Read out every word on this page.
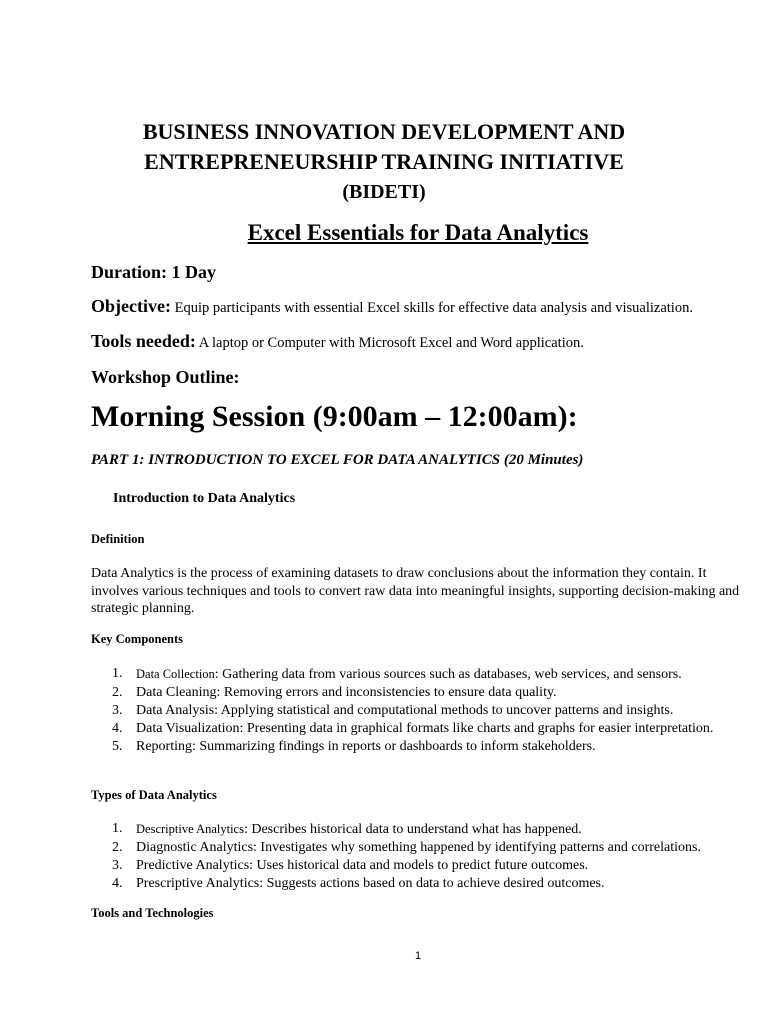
BUSINESS INNOVATION DEVELOPMENT AND
ENTREPRENEURSHIP TRAINING INITIATIVE
(BIDETI)
Excel Essentials for Data Analytics
Duration: 1 Day
Objective: Equip participants with essential Excel skills for effective data analysis and visualization.
Tools needed: A laptop or Computer with Microsoft Excel and Word application.
Workshop Outline:
Morning Session (9:00am – 12:00am):
PART 1: INTRODUCTION TO EXCEL FOR DATA ANALYTICS (20 Minutes)
Introduction to Data Analytics
Definition
Data Analytics is the process of examining datasets to draw conclusions about the information they contain. It involves various techniques and tools to convert raw data into meaningful insights, supporting decision-making and strategic planning.
Key Components
1. Data Collection: Gathering data from various sources such as databases, web services, and sensors.
2. Data Cleaning: Removing errors and inconsistencies to ensure data quality.
3. Data Analysis: Applying statistical and computational methods to uncover patterns and insights.
4. Data Visualization: Presenting data in graphical formats like charts and graphs for easier interpretation.
5. Reporting: Summarizing findings in reports or dashboards to inform stakeholders.
Types of Data Analytics
1. Descriptive Analytics: Describes historical data to understand what has happened.
2. Diagnostic Analytics: Investigates why something happened by identifying patterns and correlations.
3. Predictive Analytics: Uses historical data and models to predict future outcomes.
4. Prescriptive Analytics: Suggests actions based on data to achieve desired outcomes.
Tools and Technologies
1
